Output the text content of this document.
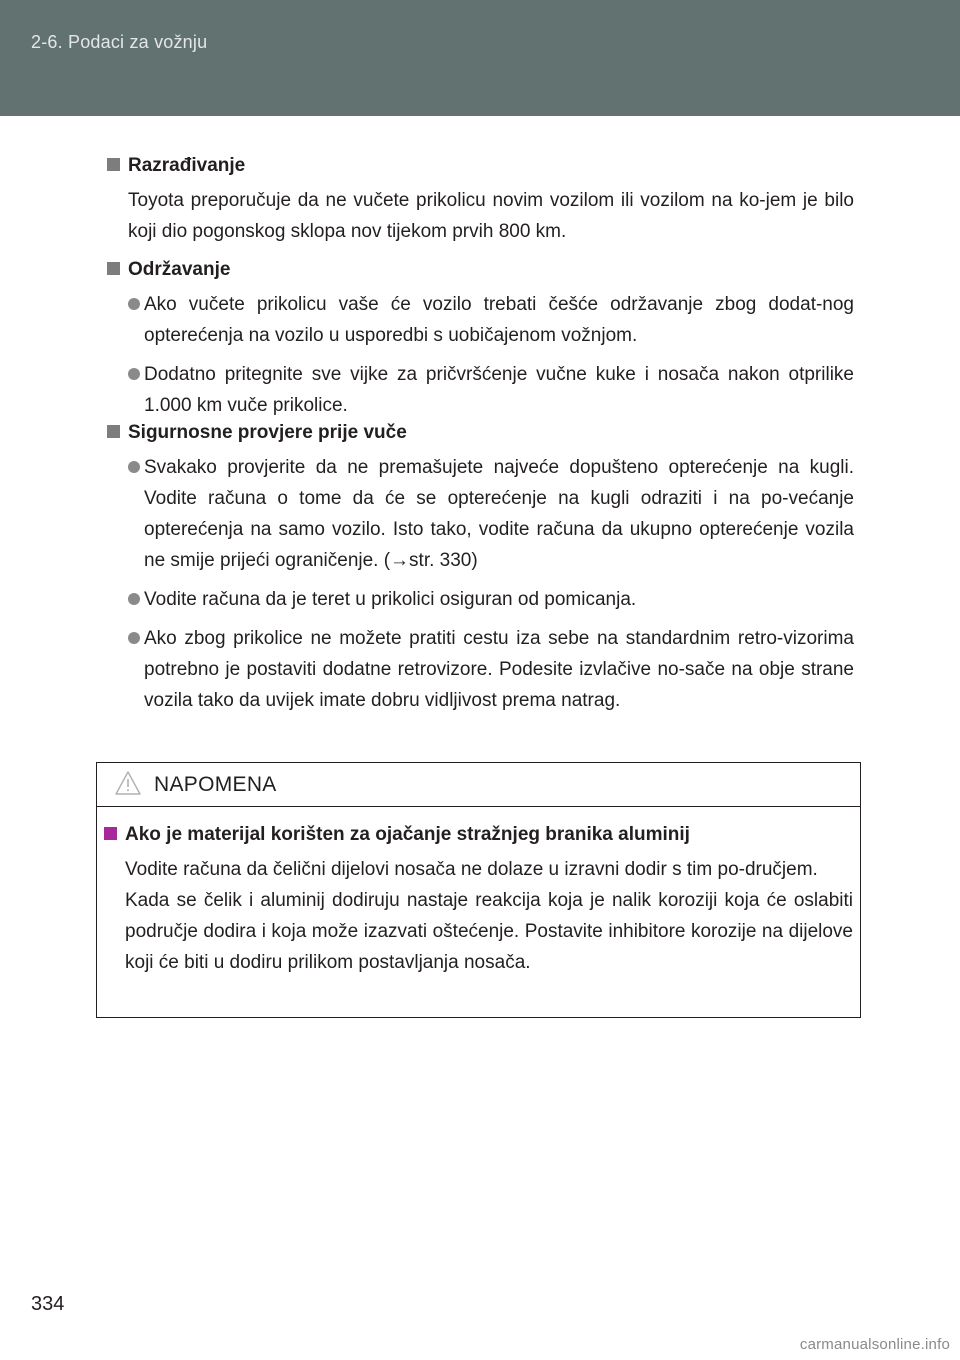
2-6. Podaci za vožnju
Razrađivanje
Toyota preporučuje da ne vučete prikolicu novim vozilom ili vozilom na ko-jem je bilo koji dio pogonskog sklopa nov tijekom prvih 800 km.
Održavanje
Ako vučete prikolicu vaše će vozilo trebati češće održavanje zbog dodat-nog opterećenja na vozilo u usporedbi s uobičajenom vožnjom.
Dodatno pritegnite sve vijke za pričvršćenje vučne kuke i nosača nakon otprilike 1.000 km vuče prikolice.
Sigurnosne provjere prije vuče
Svakako provjerite da ne premašujete najveće dopušteno opterećenje na kugli. Vodite računa o tome da će se opterećenje na kugli odraziti i na po-većanje opterećenja na samo vozilo. Isto tako, vodite računa da ukupno opterećenje vozila ne smije prijeći ograničenje. (→str. 330)
Vodite računa da je teret u prikolici osiguran od pomicanja.
Ako zbog prikolice ne možete pratiti cestu iza sebe na standardnim retro-vizorima potrebno je postaviti dodatne retrovizore. Podesite izvlačive no-sače na obje strane vozila tako da uvijek imate dobru vidljivost prema natrag.
NAPOMENA
Ako je materijal korišten za ojačanje stražnjeg branika aluminij
Vodite računa da čelični dijelovi nosača ne dolaze u izravni dodir s tim po-dručjem.
Kada se čelik i aluminij dodiruju nastaje reakcija koja je nalik koroziji koja će oslabiti područje dodira i koja može izazvati oštećenje. Postavite inhibitore korozije na dijelove koji će biti u dodiru prilikom postavljanja nosača.
334
carmanualsonline.info
